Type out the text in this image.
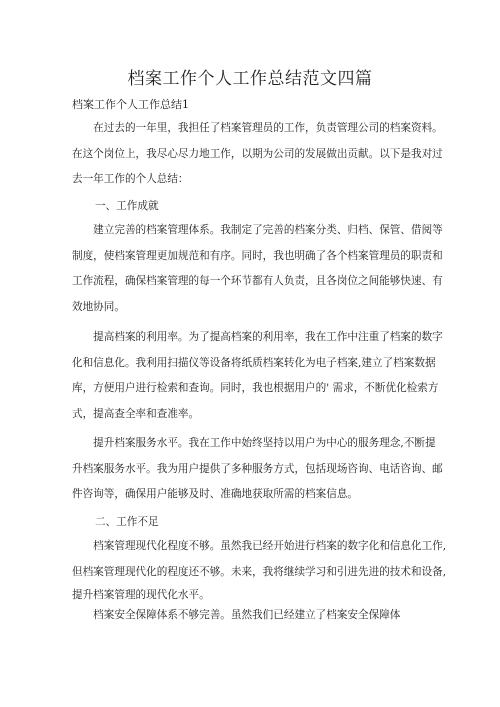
档案工作个人工作总结范文四篇
档案工作个人工作总结1
　　在过去的一年里，我担任了档案管理员的工作，负责管理公司的档案资料。
在这个岗位上，我尽心尽力地工作，以期为公司的发展做出贡献。以下是我对过
去一年工作的个人总结：
一、工作成就
　　建立完善的档案管理体系。我制定了完善的档案分类、归档、保管、借阅等
制度，使档案管理更加规范和有序。同时，我也明确了各个档案管理员的职责和
工作流程，确保档案管理的每一个环节都有人负责，且各岗位之间能够快速、有
效地协同。
　　提高档案的利用率。为了提高档案的利用率，我在工作中注重了档案的数字
化和信息化。我利用扫描仪等设备将纸质档案转化为电子档案,建立了档案数据
库，方便用户进行检索和查询。同时，我也根据用户的' 需求，不断优化检索方
式，提高查全率和查准率。
　　提升档案服务水平。我在工作中始终坚持以用户为中心的服务理念,不断提
升档案服务水平。我为用户提供了多种服务方式，包括现场咨询、电话咨询、邮
件咨询等，确保用户能够及时、准确地获取所需的档案信息。
二、工作不足
　　档案管理现代化程度不够。虽然我已经开始进行档案的数字化和信息化工作,
但档案管理现代化的程度还不够。未来，我将继续学习和引进先进的技术和设备,
提升档案管理的现代化水平。
　　档案安全保障体系不够完善。虽然我们已经建立了档案安全保障体
